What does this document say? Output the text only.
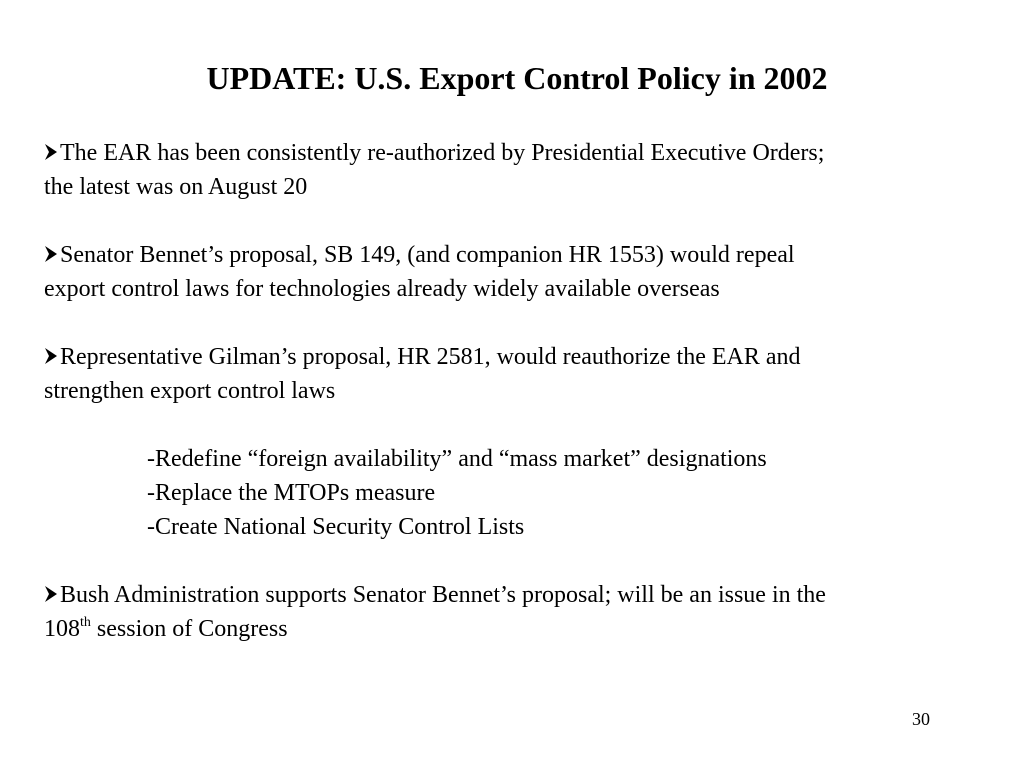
UPDATE: U.S. Export Control Policy in 2002
The EAR has been consistently re-authorized by Presidential Executive Orders;
the latest was on August 20
Senator Bennet’s proposal, SB 149, (and companion HR 1553) would repeal
export control laws for technologies already widely available overseas
Representative Gilman’s proposal, HR 2581, would reauthorize the EAR and
strengthen export control laws
-Redefine “foreign availability” and “mass market” designations
-Replace the MTOPs measure
-Create National Security Control Lists
Bush Administration supports Senator Bennet’s proposal; will be an issue in the
108th session of Congress
30
